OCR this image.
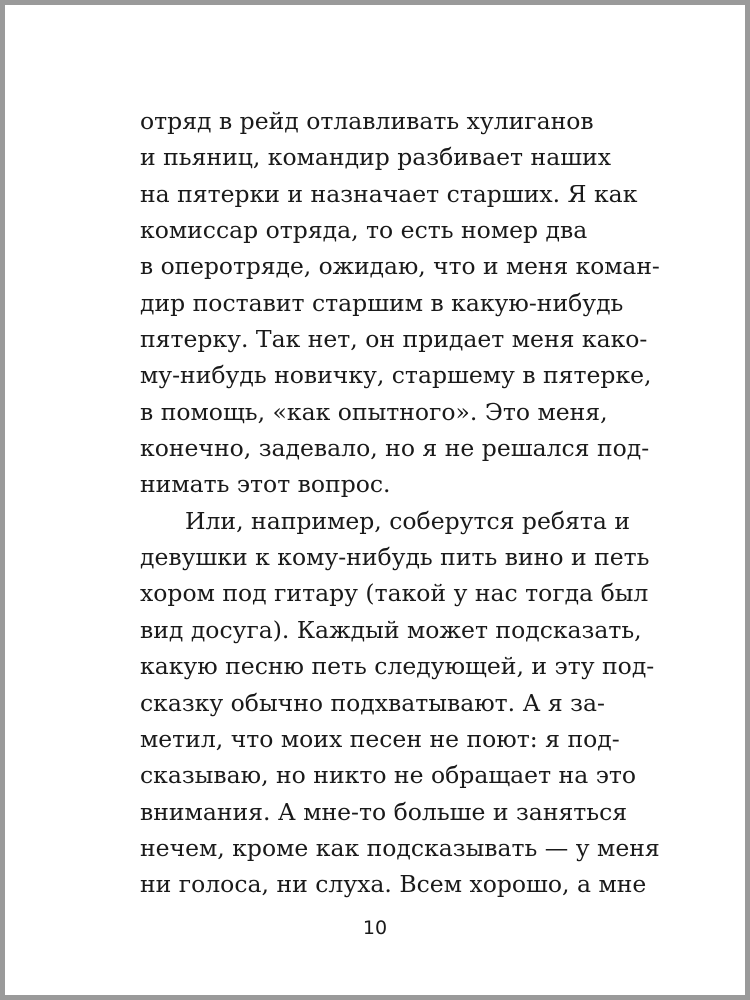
отряд в рейд отлавливать хулиганов
и пьяниц, командир разбивает наших
на пятерки и назначает старших. Я как
комиссар отряда, то есть номер два
в оперотряде, ожидаю, что и меня коман-
дир поставит старшим в какую-нибудь
пятерку. Так нет, он придает меня како-
му-нибудь новичку, старшему в пятерке,
в помощь, «как опытного». Это меня,
конечно, задевало, но я не решался под-
нимать этот вопрос.
Или, например, соберутся ребята и
девушки к кому-нибудь пить вино и петь
хором под гитару (такой у нас тогда был
вид досуга). Каждый может подсказать,
какую песню петь следующей, и эту под-
сказку обычно подхватывают. А я за-
метил, что моих песен не поют: я под-
сказываю, но никто не обращает на это
внимания. А мне-то больше и заняться
нечем, кроме как подсказывать — у меня
ни голоса, ни слуха. Всем хорошо, а мне
10
